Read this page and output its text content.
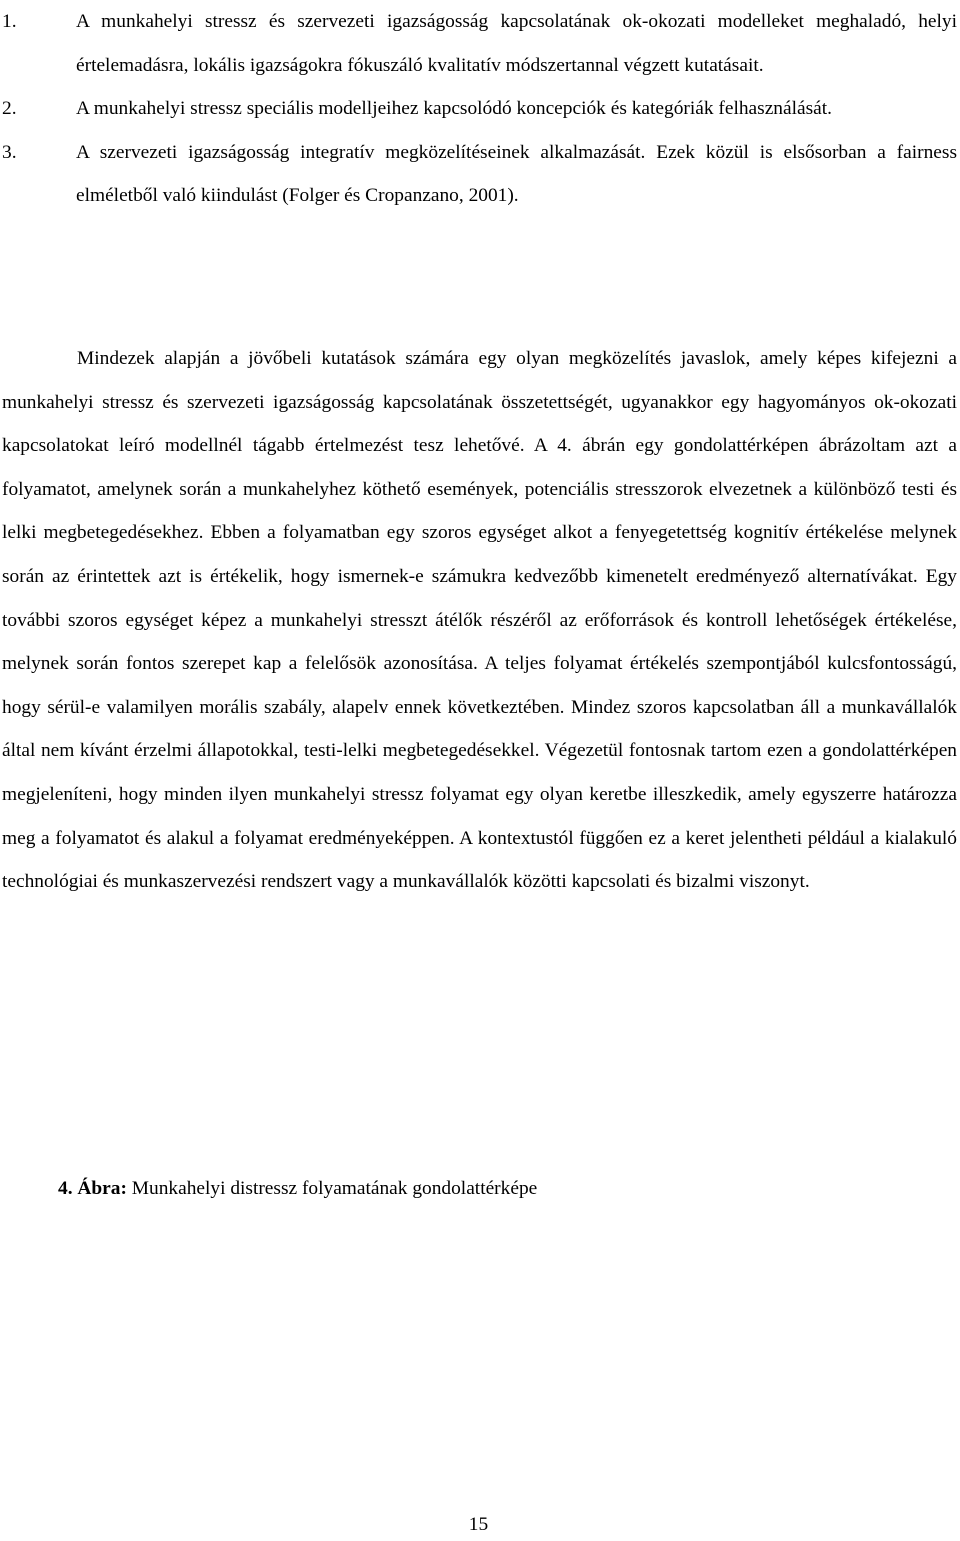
1.	A munkahelyi stressz és szervezeti igazságosság kapcsolatának ok-okozati modelleket meghaladó, helyi értelemadásra, lokális igazságokra fókuszáló kvalitatív módszertannal végzett kutatásait.
2.	A munkahelyi stressz speciális modelljeihez kapcsolódó koncepciók és kategóriák felhasználását.
3.	A szervezeti igazságosság integratív megközelítéseinek alkalmazását. Ezek közül is elsősorban a fairness elméletből való kiindulást (Folger és Cropanzano, 2001).

Mindezek alapján a jövőbeli kutatások számára egy olyan megközelítés javaslok, amely képes kifejezni a munkahelyi stressz és szervezeti igazságosság kapcsolatának összetettségét, ugyanakkor egy hagyományos ok-okozati kapcsolatokat leíró modellnél tágabb értelmezést tesz lehetővé. A 4. ábrán egy gondolattérképen ábrázoltam azt a folyamatot, amelynek során a munkahelyhez köthető események, potenciális stresszorok elvezetnek a különböző testi és lelki megbetegedésekhez. Ebben a folyamatban egy szoros egységet alkot a fenyegetettség kognitív értékelése melynek során az érintettek azt is értékelik, hogy ismernek-e számukra kedvezőbb kimenetelt eredményező alternatívákat. Egy további szoros egységet képez a munkahelyi stresszt átélők részéről az erőforrások és kontroll lehetőségek értékelése, melynek során fontos szerepet kap a felelősök azonosítása. A teljes folyamat értékelés szempontjából kulcsfontosságú, hogy sérül-e valamilyen morális szabály, alapelv ennek következtében. Mindez szoros kapcsolatban áll a munkavállalók által nem kívánt érzelmi állapotokkal, testi-lelki megbetegedésekkel. Végezetül fontosnak tartom ezen a gondolattérképen megjeleníteni, hogy minden ilyen munkahelyi stressz folyamat egy olyan keretbe illeszkedik, amely egyszerre határozza meg a folyamatot és alakul a folyamat eredményeképpen. A kontextustól függően ez a keret jelentheti például a kialakuló technológiai és munkaszervezési rendszert vagy a munkavállalók közötti kapcsolati és bizalmi viszonyt.

4. Ábra: Munkahelyi distressz folyamatának gondolattérképe

15
